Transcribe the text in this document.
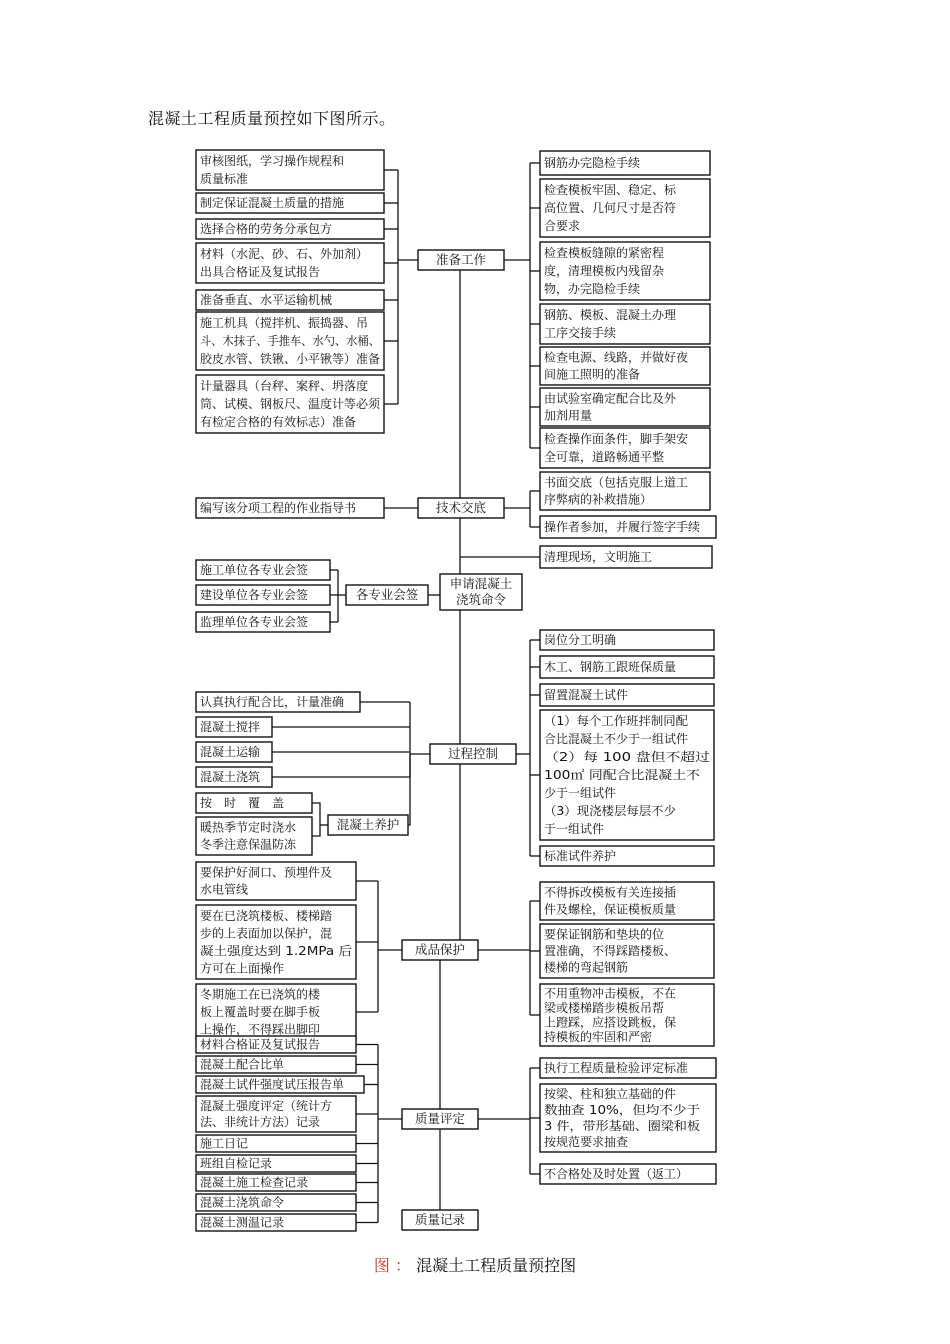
混凝土工程质量预控如下图所示。
准备工作
技术交底
申请混凝土
浇筑命令
各专业会签
过程控制
混凝土养护
成品保护
质量评定
质量记录
审核图纸，学习操作规程和
质量标准
制定保证混凝土质量的措施
选择合格的劳务分承包方
材料（水泥、砂、石、外加剂）
出具合格证及复试报告
准备垂直、水平运输机械
施工机具（搅拌机、振捣器、吊
斗、木抹子、手推车、水勺、水桶、
胶皮水管、铁锹、小平锹等）准备
计量器具（台秤、案秤、坍落度
筒、试模、钢板尺、温度计等必须
有检定合格的有效标志）准备
钢筋办完隐检手续
检查模板牢固、稳定、标
高位置、几何尺寸是否符
合要求
检查模板缝隙的紧密程
度，清理模板内残留杂
物，办完隐检手续
钢筋、模板、混凝土办理
工序交接手续
检查电源、线路，并做好夜
间施工照明的准备
由试验室确定配合比及外
加剂用量
检查操作面条件，脚手架安
全可靠，道路畅通平整
编写该分项工程的作业指导书
书面交底（包括克服上道工
序弊病的补救措施）
操作者参加，并履行签字手续
清理现场，文明施工
施工单位各专业会签
建设单位各专业会签
监理单位各专业会签
认真执行配合比，计量准确
混凝土搅拌
混凝土运输
混凝土浇筑
按　时　覆　盖
暖热季节定时浇水
冬季注意保温防冻
岗位分工明确
木工、钢筋工跟班保质量
留置混凝土试件
（1）每个工作班拌制同配
合比混凝土不少于一组试件
（2）每 100 盘但不超过
100㎡ 同配合比混凝土不
少于一组试件
（3）现浇楼层每层不少
于一组试件
标准试件养护
要保护好洞口、预埋件及
水电管线
要在已浇筑楼板、楼梯踏
步的上表面加以保护，混
凝土强度达到 1.2MPa 后
方可在上面操作
冬期施工在已浇筑的楼
板上覆盖时要在脚手板
上操作，不得踩出脚印
不得拆改模板有关连接插
件及螺栓，保证模板质量
要保证钢筋和垫块的位
置准确，不得踩踏楼板、
楼梯的弯起钢筋
不用重物冲击模板，不在
梁或楼梯踏步模板吊帮
上蹬踩，应搭设跳板，保
持模板的牢固和严密
材料合格证及复试报告
混凝土配合比单
混凝土试件强度试压报告单
混凝土强度评定（统计方
法、非统计方法）记录
施工日记
班组自检记录
混凝土施工检查记录
混凝土浇筑命令
混凝土测温记录
执行工程质量检验评定标准
按梁、柱和独立基础的件
数抽查 10%，但均不少于
3 件，带形基础、圈梁和板
按规范要求抽查
不合格处及时处置（返工）
图 ： 混凝土工程质量预控图
